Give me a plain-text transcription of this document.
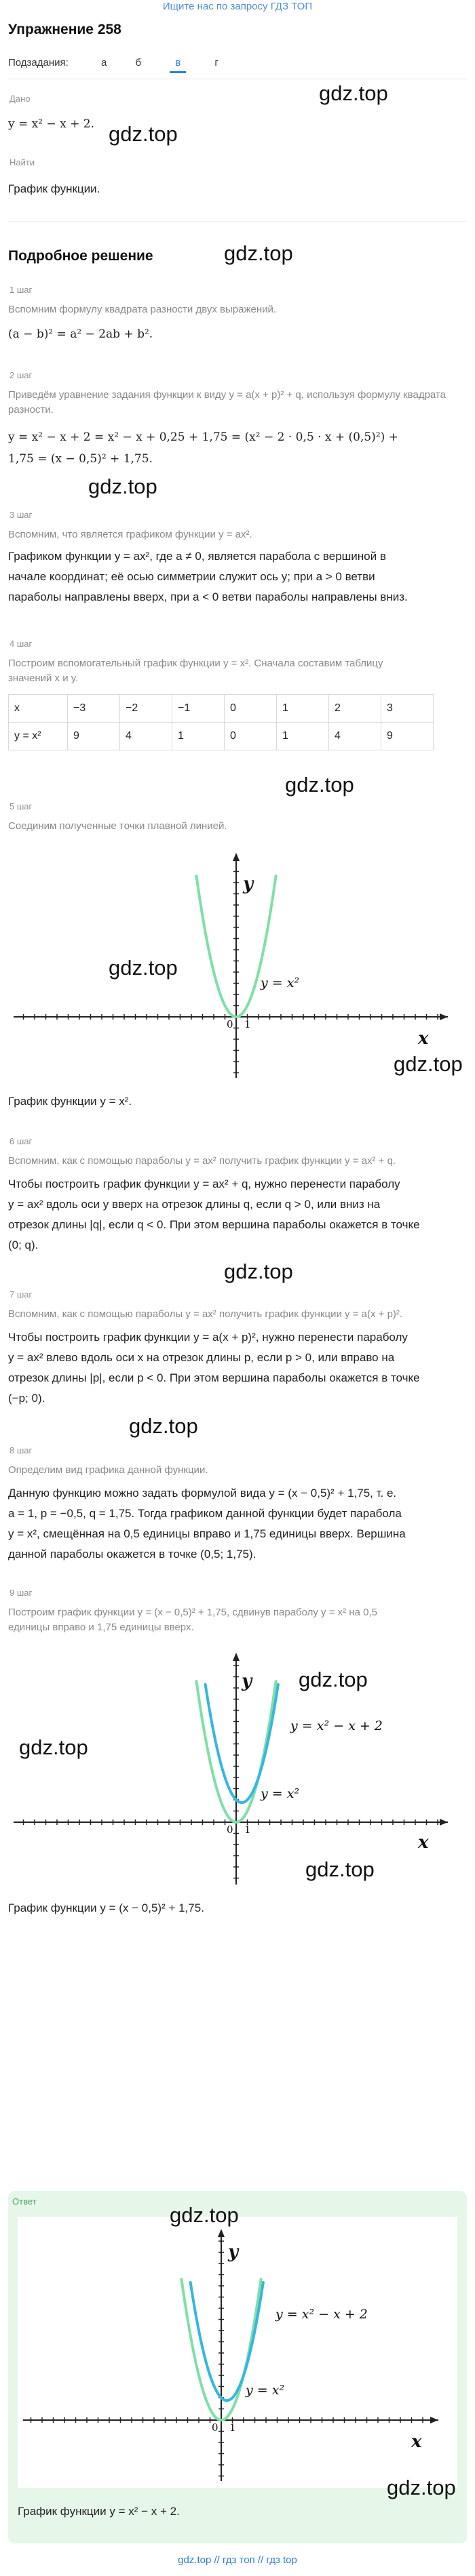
Ищите нас по запросу ГДЗ ТОП
Упражнение 258
Подзадания:	а	б	в	г
Дано
y = x² − x + 2.
gdz.top
gdz.top
Найти
График функции.
Подробное решение	gdz.top
1 шаг
Вспомним формулу квадрата разности двух выражений.
(a − b)² = a² − 2ab + b².
2 шаг
Приведём уравнение задания функции к виду y = a(x + p)² + q, используя формулу квадрата разности.
y = x² − x + 2 = x² − x + 0,25 + 1,75 = (x² − 2 · 0,5 · x + (0,5)²) +
1,75 = (x − 0,5)² + 1,75.
gdz.top
3 шаг
Вспомним, что является графиком функции y = ax².
Графиком функции y = ax², где a ≠ 0, является парабола с вершиной в
начале координат; её осью симметрии служит ось y; при a > 0 ветви
параболы направлены вверх, при a < 0 ветви параболы направлены вниз.
4 шаг
Построим вспомогательный график функции y = x². Сначала составим таблицу
значений x и y.
x	−3	−2	−1	0	1	2	3
y = x²	9	4	1	0	1	4	9
gdz.top
5 шаг
Соединим полученные точки плавной линией.
y
x
0 1
y = x²
gdz.top
gdz.top
График функции y = x².
6 шаг
Вспомним, как с помощью параболы y = ax² получить график функции y = ax² + q.
Чтобы построить график функции y = ax² + q, нужно перенести параболу
y = ax² вдоль оси y вверх на отрезок длины q, если q > 0, или вниз на
отрезок длины |q|, если q < 0. При этом вершина параболы окажется в точке
(0; q).
gdz.top
7 шаг
Вспомним, как с помощью параболы y = ax² получить график функции y = a(x + p)².
Чтобы построить график функции y = a(x + p)², нужно перенести параболу
y = ax² влево вдоль оси x на отрезок длины p, если p > 0, или вправо на
отрезок длины |p|, если p < 0. При этом вершина параболы окажется в точке
(−p; 0).
gdz.top
8 шаг
Определим вид графика данной функции.
Данную функцию можно задать формулой вида y = (x − 0,5)² + 1,75, т. е.
a = 1, p = −0,5, q = 1,75. Тогда графиком данной функции будет парабола
y = x², смещённая на 0,5 единицы вправо и 1,75 единицы вверх. Вершина
данной параболы окажется в точке (0,5; 1,75).
9 шаг
Построим график функции y = (x − 0,5)² + 1,75, сдвинув параболу y = x² на 0,5
единицы вправо и 1,75 единицы вверх.
y
x
0 1
y = x² − x + 2
y = x²
gdz.top
gdz.top
gdz.top
График функции y = (x − 0,5)² + 1,75.
Ответ
y
x
0 1
y = x² − x + 2
y = x²
gdz.top
gdz.top
График функции y = x² − x + 2.
gdz.top // гдз топ // гдз top
